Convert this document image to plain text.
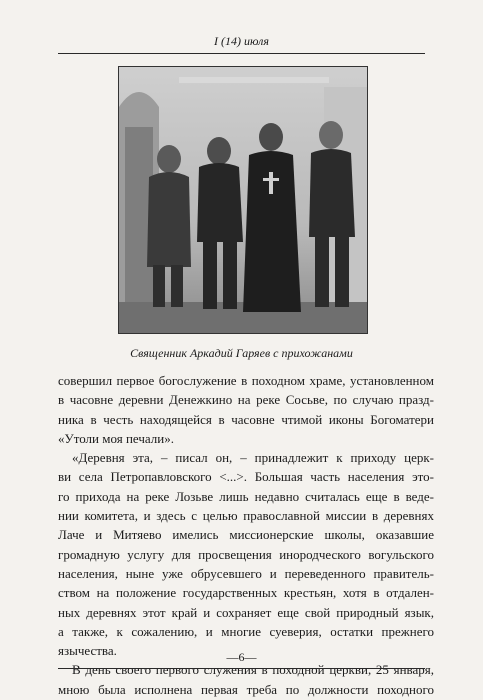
I (14) июля
Священник Аркадий Гаряев с прихожанами
совершил первое богослужение в походном храме, установленном
в часовне деревни Денежкино на реке Сосьве, по случаю празд-
ника в честь находящейся в часовне чтимой иконы Богоматери
«Утоли моя печали».
«Деревня эта, – писал он, – принадлежит к приходу церк-
ви села Петропавловского <...>. Большая часть населения это-
го прихода на реке Лозьве лишь недавно считалась еще в веде-
нии комитета, и здесь с целью православной миссии в деревнях
Лаче и Митяево имелись миссионерские школы, оказавшие
громадную услугу для просвещения инородческого вогульского
населения, ныне уже обрусевшего и переведенного правитель-
ством на положение государственных крестьян, хотя в отдален-
ных деревнях этот край и сохраняет еще свой природный язык,
а также, к сожалению, и многие суеверия, остатки прежнего
язычества.
В день своего первого служения в походной церкви, 25 января,
мною была исполнена первая треба по должности походного
—6—
